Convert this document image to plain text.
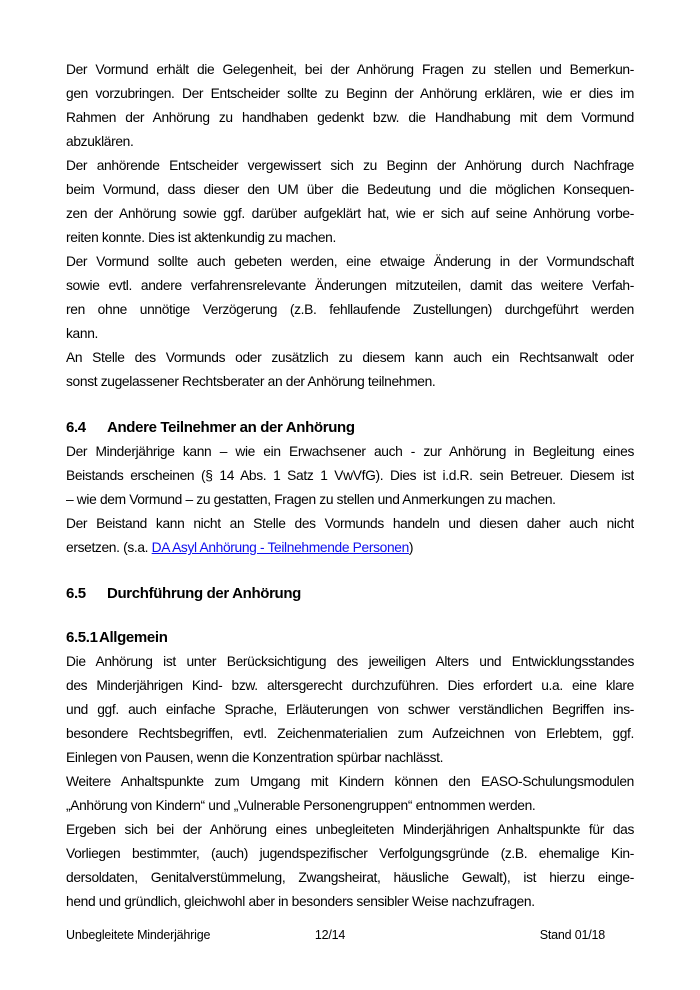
Der Vormund erhält die Gelegenheit, bei der Anhörung Fragen zu stellen und Bemerkun-
gen vorzubringen. Der Entscheider sollte zu Beginn der Anhörung erklären, wie er dies im
Rahmen der Anhörung zu handhaben gedenkt bzw. die Handhabung mit dem Vormund
abzuklären.

Der anhörende Entscheider vergewissert sich zu Beginn der Anhörung durch Nachfrage
beim Vormund, dass dieser den UM über die Bedeutung und die möglichen Konsequen-
zen der Anhörung sowie ggf. darüber aufgeklärt hat, wie er sich auf seine Anhörung vorbe-
reiten konnte. Dies ist aktenkundig zu machen.

Der Vormund sollte auch gebeten werden, eine etwaige Änderung in der Vormundschaft
sowie evtl. andere verfahrensrelevante Änderungen mitzuteilen, damit das weitere Verfah-
ren ohne unnötige Verzögerung (z.B. fehllaufende Zustellungen) durchgeführt werden
kann.

An Stelle des Vormunds oder zusätzlich zu diesem kann auch ein Rechtsanwalt oder
sonst zugelassener Rechtsberater an der Anhörung teilnehmen.

6.4 Andere Teilnehmer an der Anhörung

Der Minderjährige kann – wie ein Erwachsener auch - zur Anhörung in Begleitung eines
Beistands erscheinen (§ 14 Abs. 1 Satz 1 VwVfG). Dies ist i.d.R. sein Betreuer. Diesem ist
– wie dem Vormund – zu gestatten, Fragen zu stellen und Anmerkungen zu machen.

Der Beistand kann nicht an Stelle des Vormunds handeln und diesen daher auch nicht
ersetzen. (s.a. DA Asyl Anhörung - Teilnehmende Personen)

6.5 Durchführung der Anhörung
6.5.1Allgemein

Die Anhörung ist unter Berücksichtigung des jeweiligen Alters und Entwicklungsstandes
des Minderjährigen Kind- bzw. altersgerecht durchzuführen. Dies erfordert u.a. eine klare
und ggf. auch einfache Sprache, Erläuterungen von schwer verständlichen Begriffen ins-
besondere Rechtsbegriffen, evtl. Zeichenmaterialien zum Aufzeichnen von Erlebtem, ggf.
Einlegen von Pausen, wenn die Konzentration spürbar nachlässt.

Weitere Anhaltspunkte zum Umgang mit Kindern können den EASO-Schulungsmodulen
„Anhörung von Kindern“ und „Vulnerable Personengruppen“ entnommen werden.

Ergeben sich bei der Anhörung eines unbegleiteten Minderjährigen Anhaltspunkte für das
Vorliegen bestimmter, (auch) jugendspezifischer Verfolgungsgründe (z.B. ehemalige Kin-
dersoldaten, Genitalverstümmelung, Zwangsheirat, häusliche Gewalt), ist hierzu einge-
hend und gründlich, gleichwohl aber in besonders sensibler Weise nachzufragen.

Unbegleitete Minderjährige	12/14	Stand 01/18
